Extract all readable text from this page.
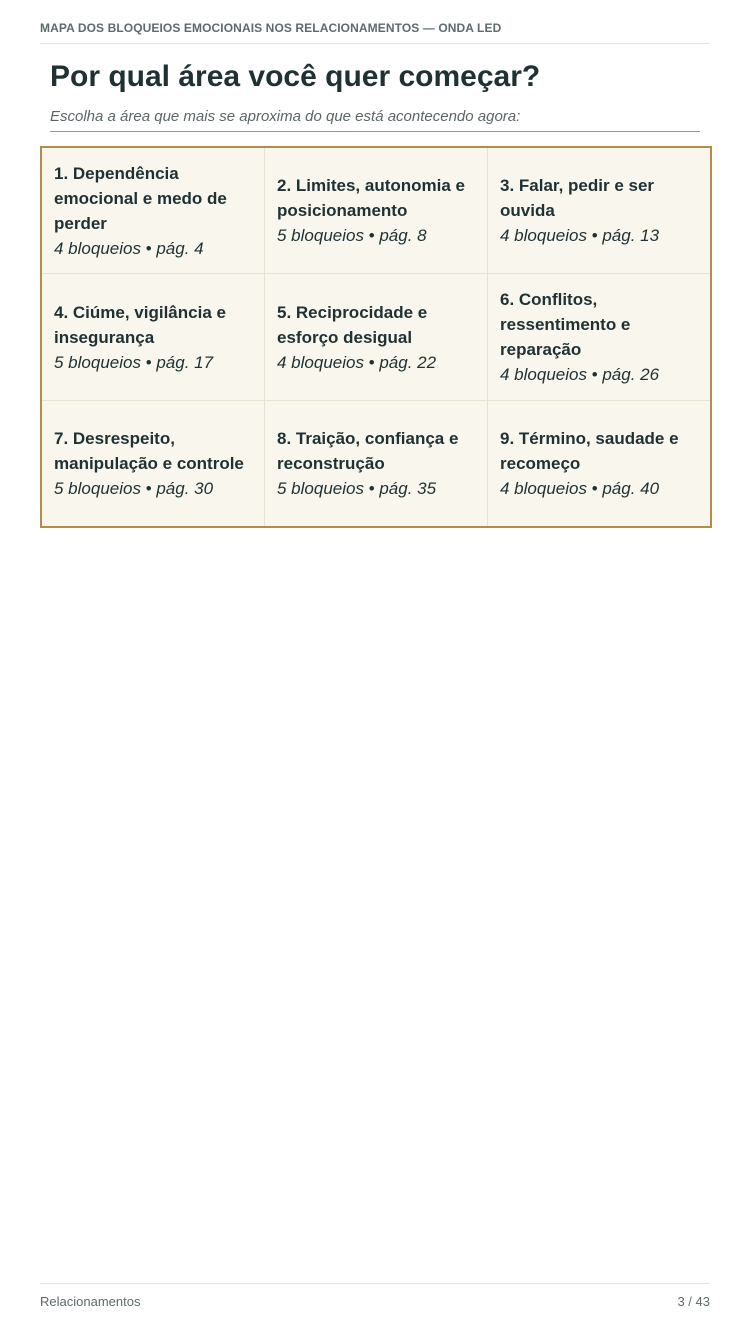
MAPA DOS BLOQUEIOS EMOCIONAIS NOS RELACIONAMENTOS — ONDA LED
Por qual área você quer começar?
Escolha a área que mais se aproxima do que está acontecendo agora:
1. Dependência emocional e medo de perder
4 bloqueios • pág. 4
2. Limites, autonomia e posicionamento
5 bloqueios • pág. 8
3. Falar, pedir e ser ouvida
4 bloqueios • pág. 13
4. Ciúme, vigilância e insegurança
5 bloqueios • pág. 17
5. Reciprocidade e esforço desigual
4 bloqueios • pág. 22
6. Conflitos, ressentimento e reparação
4 bloqueios • pág. 26
7. Desrespeito, manipulação e controle
5 bloqueios • pág. 30
8. Traição, confiança e reconstrução
5 bloqueios • pág. 35
9. Término, saudade e recomeço
4 bloqueios • pág. 40
Relacionamentos	3 / 43
